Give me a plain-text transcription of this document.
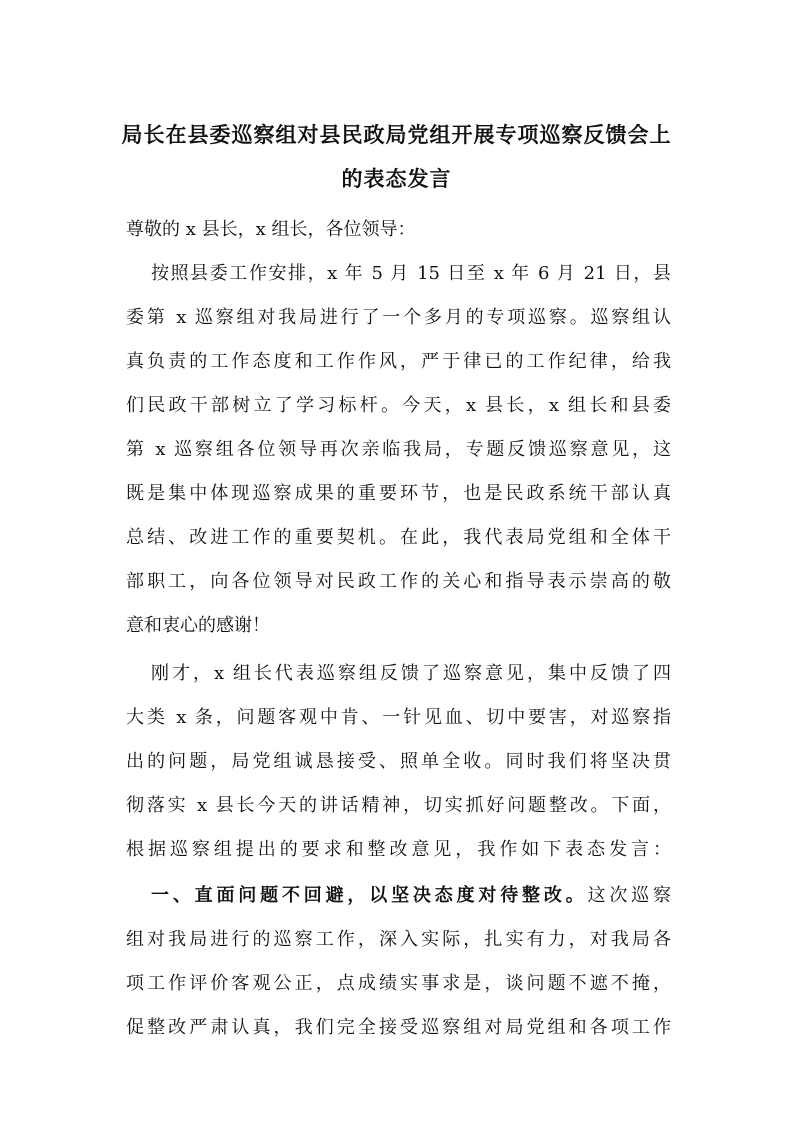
局长在县委巡察组对县民政局党组开展专项巡察反馈会上
的表态发言
尊敬的 x 县长，x 组长，各位领导：
按照县委工作安排，x 年 5 月 15 日至 x 年 6 月 21 日，县
委第 x 巡察组对我局进行了一个多月的专项巡察。巡察组认
真负责的工作态度和工作作风，严于律已的工作纪律，给我
们民政干部树立了学习标杆。今天，x 县长，x 组长和县委
第 x 巡察组各位领导再次亲临我局，专题反馈巡察意见，这
既是集中体现巡察成果的重要环节，也是民政系统干部认真
总结、改进工作的重要契机。在此，我代表局党组和全体干
部职工，向各位领导对民政工作的关心和指导表示崇高的敬
意和衷心的感谢！
刚才，x 组长代表巡察组反馈了巡察意见，集中反馈了四
大类 x 条，问题客观中肯、一针见血、切中要害，对巡察指
出的问题，局党组诚恳接受、照单全收。同时我们将坚决贯
彻落实 x 县长今天的讲话精神，切实抓好问题整改。下面，
根据巡察组提出的要求和整改意见，我作如下表态发言：
一、直面问题不回避，以坚决态度对待整改。这次巡察
组对我局进行的巡察工作，深入实际，扎实有力，对我局各
项工作评价客观公正，点成绩实事求是，谈问题不遮不掩，
促整改严肃认真，我们完全接受巡察组对局党组和各项工作
